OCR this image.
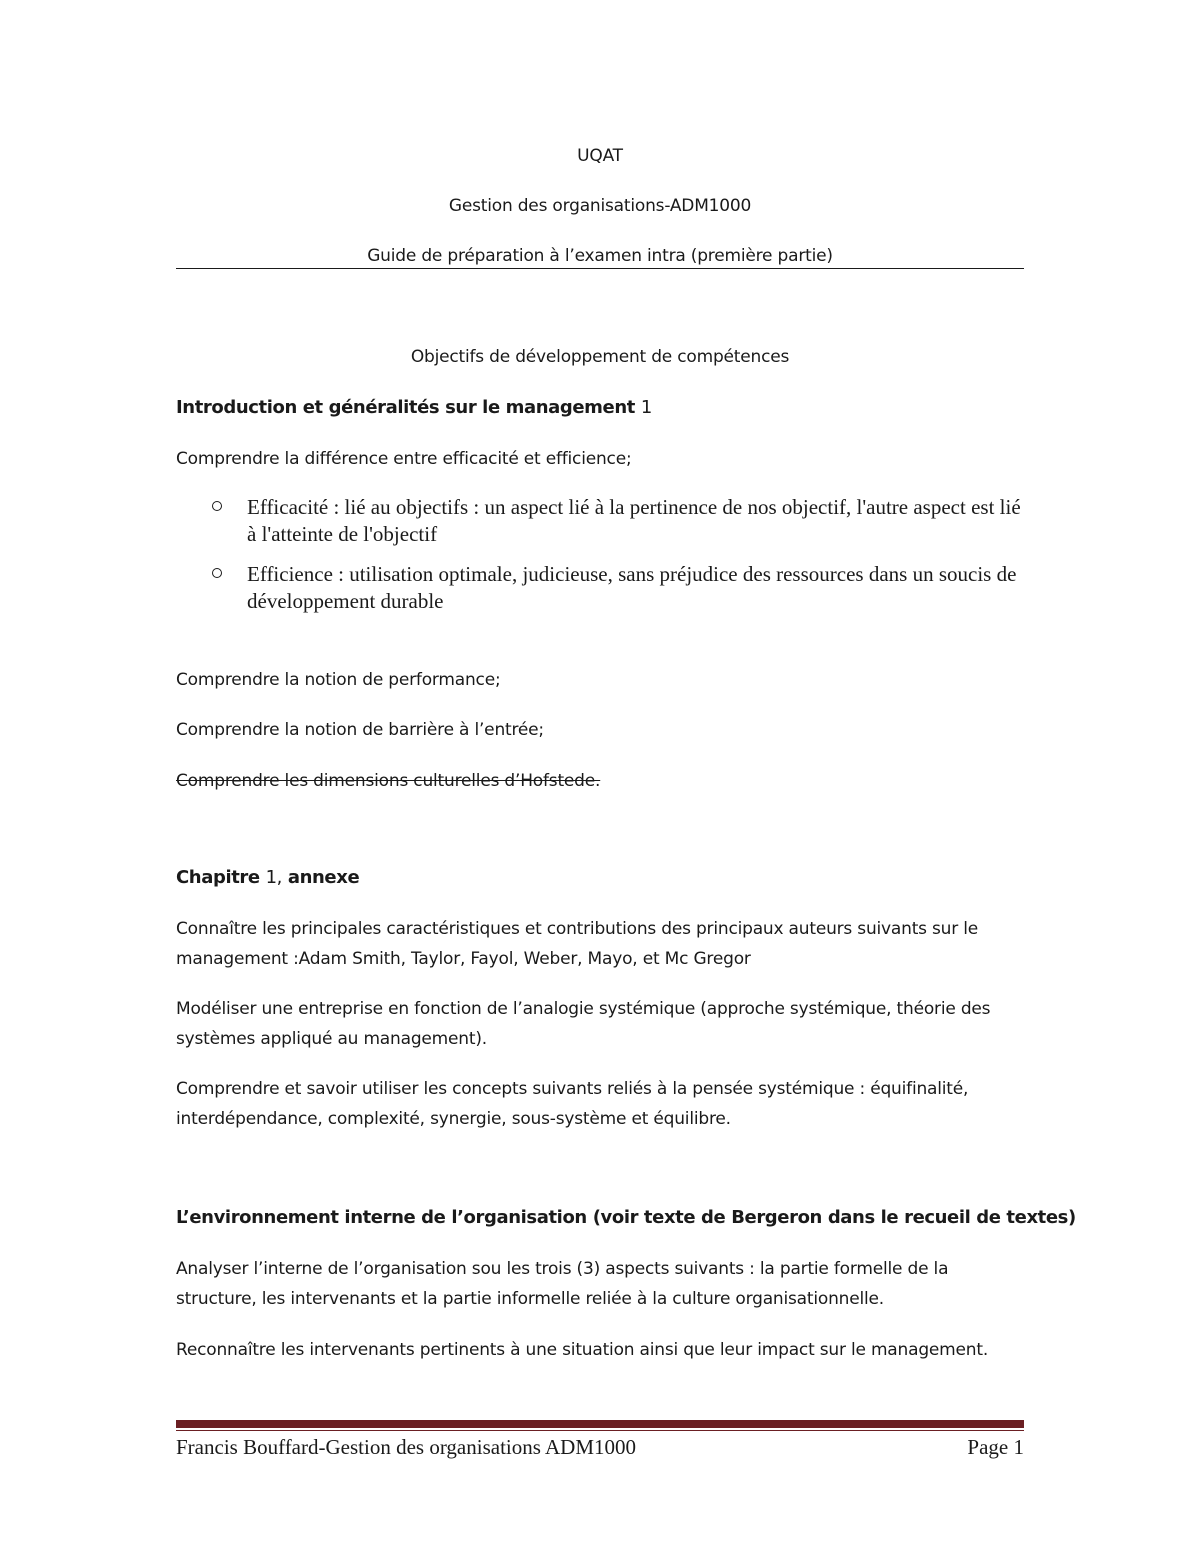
UQAT
Gestion des organisations-ADM1000
Guide de préparation à l’examen intra (première partie)
Objectifs de développement de compétences
Introduction et généralités sur le management 1
Comprendre la différence entre efficacité et efficience;
Efficacité : lié au objectifs : un aspect lié à la pertinence de nos objectif, l'autre aspect est lié à l'atteinte de l'objectif
Efficience : utilisation optimale, judicieuse, sans préjudice des ressources dans un soucis de développement durable
Comprendre la notion de performance;
Comprendre la notion de barrière à l’entrée;
Comprendre les dimensions culturelles d’Hofstede.
Chapitre 1, annexe
Connaître les principales caractéristiques et contributions des principaux auteurs suivants sur le management :Adam Smith, Taylor, Fayol, Weber, Mayo, et Mc Gregor
Modéliser une entreprise en fonction de l’analogie systémique (approche systémique, théorie des systèmes appliqué au management).
Comprendre et savoir utiliser les concepts suivants reliés à la pensée systémique : équifinalité, interdépendance, complexité, synergie, sous-système et équilibre.
L’environnement interne de l’organisation (voir texte de Bergeron dans le recueil de textes)
Analyser l’interne de l’organisation sou les trois (3) aspects suivants : la partie formelle de la structure, les intervenants et la partie informelle reliée à la culture organisationnelle.
Reconnaître les intervenants pertinents à une situation ainsi que leur impact sur le management.
Francis Bouffard-Gestion des organisations ADM1000	Page 1
